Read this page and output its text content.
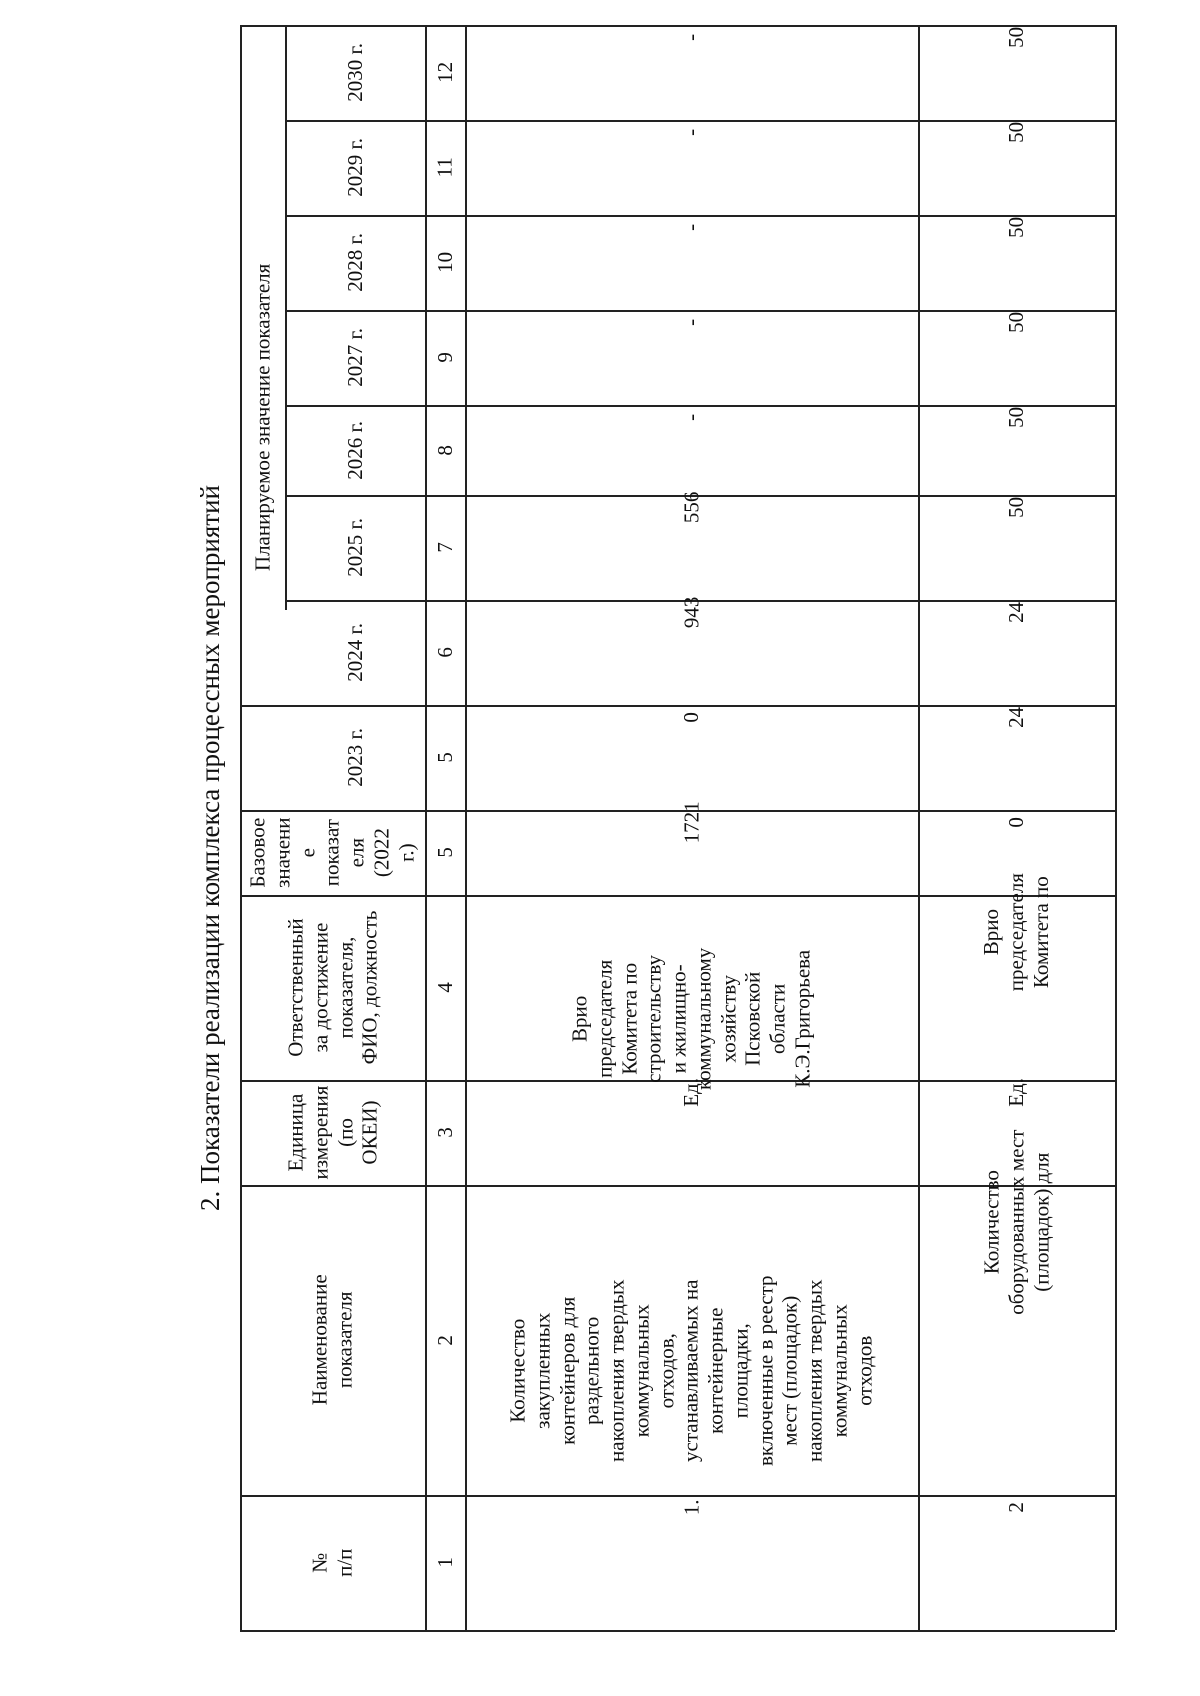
2. Показатели реализации комплекса процессных мероприятий
Планируемое значение показателя
2030 г.
2029 г.
2028 г.
2027 г.
2026 г.
2025 г.
2024 г.
2023 г.
Базовое
значени
е
показат
еля
(2022
г.)
Ответственный
за достижение
показателя,
ФИО, должность
Единица
измерения
(по
ОКЕИ)
Наименование
показателя
№
п/п
12
11
10
9
8
7
6
5
5
4
3
2
1
-
-
-
-
-
556
943
0
1721
Врио
председателя
Комитета по
строительству
и жилищно-
коммунальному
хозяйству
Псковской
области
К.Э.Григорьева
Ед.
Количество
закупленных
контейнеров для
раздельного
накопления твердых
коммунальных
отходов,
устанавливаемых на
контейнерные
площадки,
включенные в реестр
мест (площадок)
накопления твердых
коммунальных
отходов
1.
50
50
50
50
50
50
24
24
0
Врио
председателя
Комитета по
Ед.
Количество
оборудованных мест
(площадок) для
2
